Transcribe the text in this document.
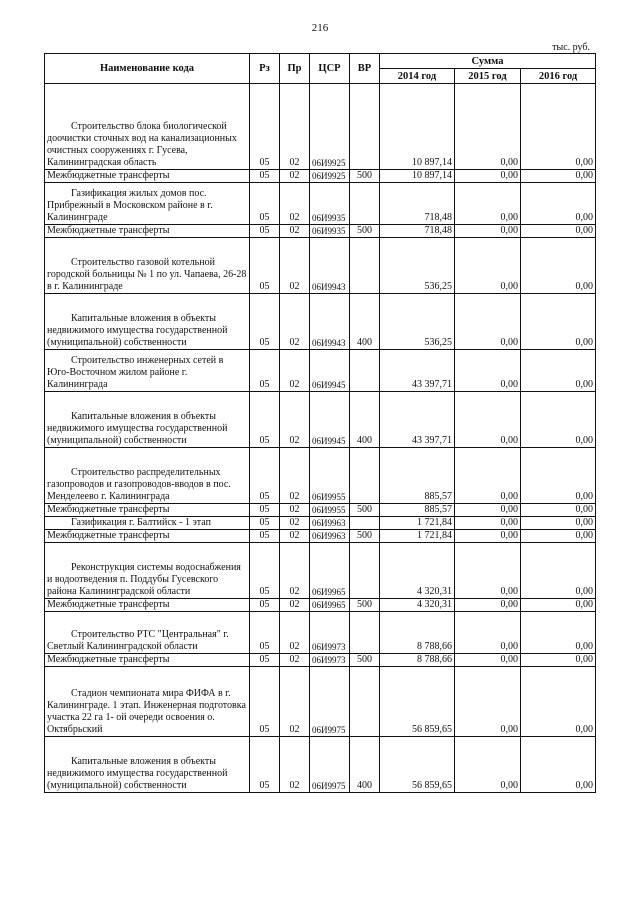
216
тыс. руб.
Наименование кода	Рз	Пр	ЦСР	ВР	Сумма		
					2014 год	2015 год	2016 год
Строительство блока биологической доочистки сточных вод на канализационных очистных сооружениях г. Гусева, Калининградская область	05	02	06И9925		10 897,14	0,00	0,00
Межбюджетные трансферты	05	02	06И9925	500	10 897,14	0,00	0,00
Газификация жилых домов пос. Прибрежный в Московском районе в г. Калининграде	05	02	06И9935		718,48	0,00	0,00
Межбюджетные трансферты	05	02	06И9935	500	718,48	0,00	0,00
Строительство газовой котельной городской больницы № 1 по ул. Чапаева, 26-28 в г. Калининграде	05	02	06И9943		536,25	0,00	0,00
Капитальные вложения в объекты недвижимого имущества государственной (муниципальной) собственности	05	02	06И9943	400	536,25	0,00	0,00
Строительство инженерных сетей в Юго-Восточном жилом районе г. Калининграда	05	02	06И9945		43 397,71	0,00	0,00
Капитальные вложения в объекты недвижимого имущества государственной (муниципальной) собственности	05	02	06И9945	400	43 397,71	0,00	0,00
Строительство распределительных газопроводов и газопроводов-вводов в пос. Менделеево г. Калининграда	05	02	06И9955		885,57	0,00	0,00
Межбюджетные трансферты	05	02	06И9955	500	885,57	0,00	0,00
Газификация г. Балтийск - 1 этап	05	02	06И9963		1 721,84	0,00	0,00
Межбюджетные трансферты	05	02	06И9963	500	1 721,84	0,00	0,00
Реконструкция системы водоснабжения и водоотведения п. Поддубы Гусевского района Калининградской области	05	02	06И9965		4 320,31	0,00	0,00
Межбюджетные трансферты	05	02	06И9965	500	4 320,31	0,00	0,00
Строительство РТС "Центральная" г. Светлый Калининградской области	05	02	06И9973		8 788,66	0,00	0,00
Межбюджетные трансферты	05	02	06И9973	500	8 788,66	0,00	0,00
Стадион чемпионата мира ФИФА в г. Калининграде. 1 этап. Инженерная подготовка участка 22 га 1- ой очереди освоения о. Октябрьский	05	02	06И9975		56 859,65	0,00	0,00
Капитальные вложения в объекты недвижимого имущества государственной (муниципальной) собственности	05	02	06И9975	400	56 859,65	0,00	0,00
